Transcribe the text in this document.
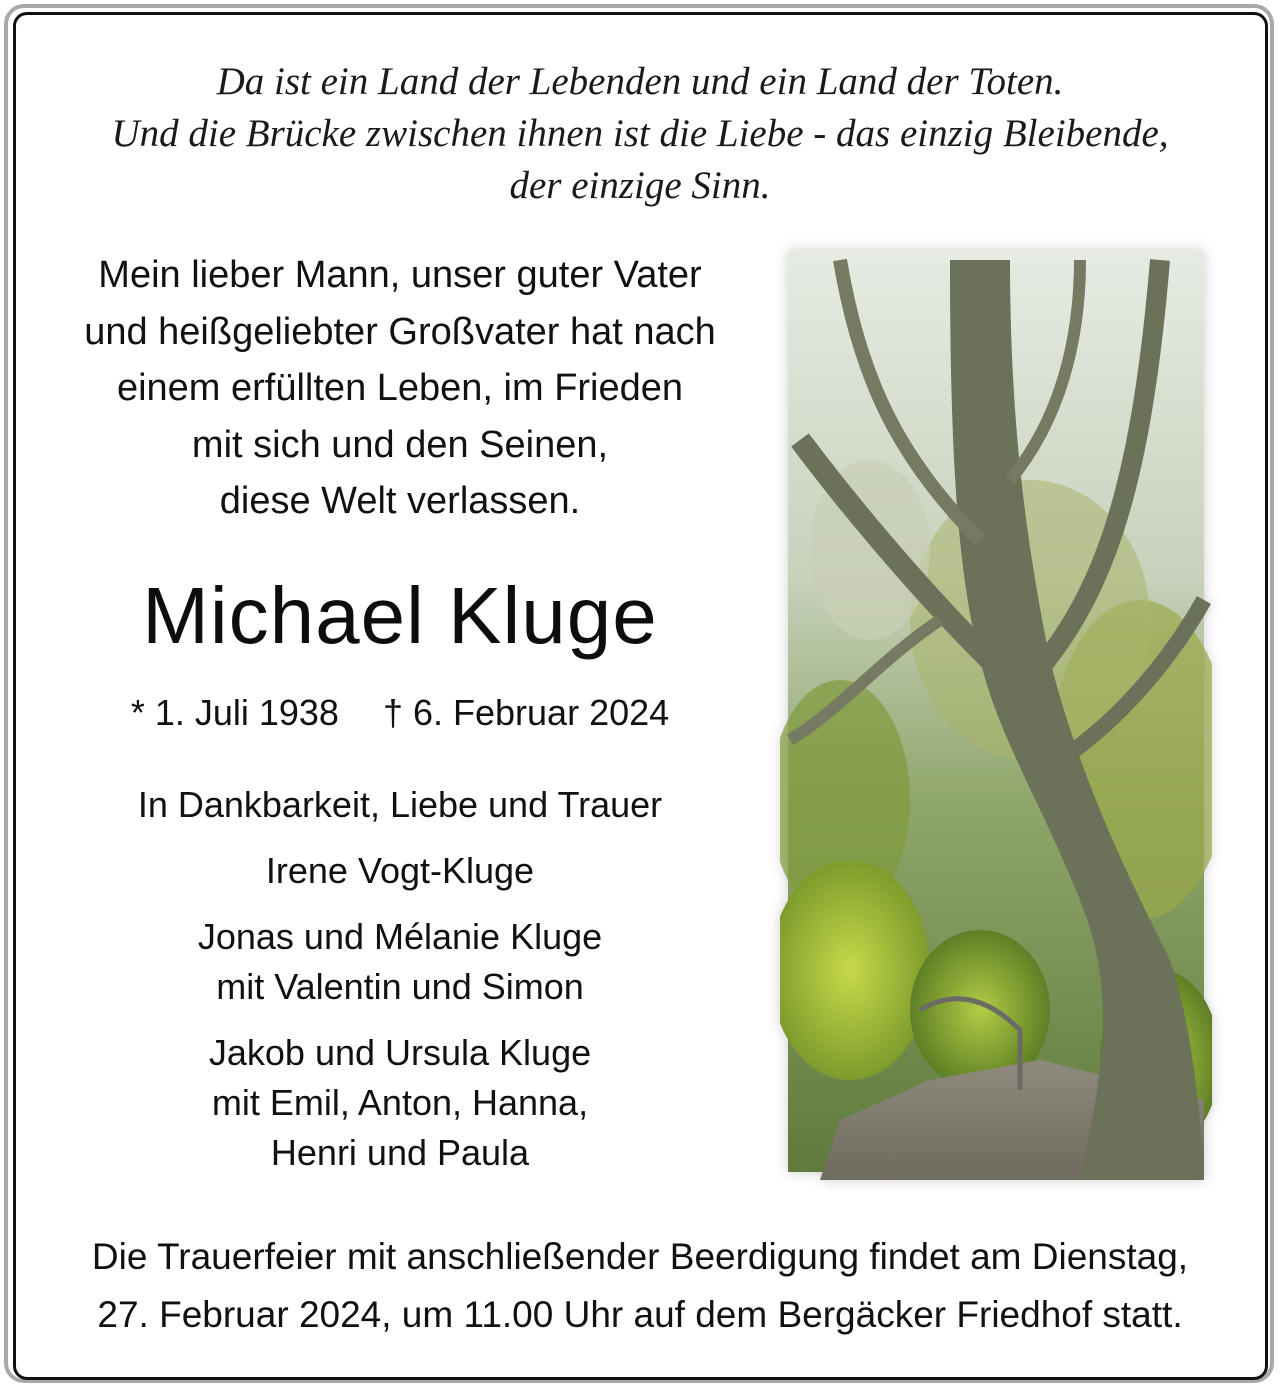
Da ist ein Land der Lebenden und ein Land der Toten.
Und die Brücke zwischen ihnen ist die Liebe - das einzig Bleibende,
der einzige Sinn.
Mein lieber Mann, unser guter Vater
und heißgeliebter Großvater hat nach
einem erfüllten Leben, im Frieden
mit sich und den Seinen,
diese Welt verlassen.
Michael Kluge
* 1. Juli 1938 † 6. Februar 2024
In Dankbarkeit, Liebe und Trauer
Irene Vogt-Kluge
Jonas und Mélanie Kluge
mit Valentin und Simon
Jakob und Ursula Kluge
mit Emil, Anton, Hanna,
Henri und Paula
Die Trauerfeier mit anschließender Beerdigung findet am Dienstag,
27. Februar 2024, um 11.00 Uhr auf dem Bergäcker Friedhof statt.
